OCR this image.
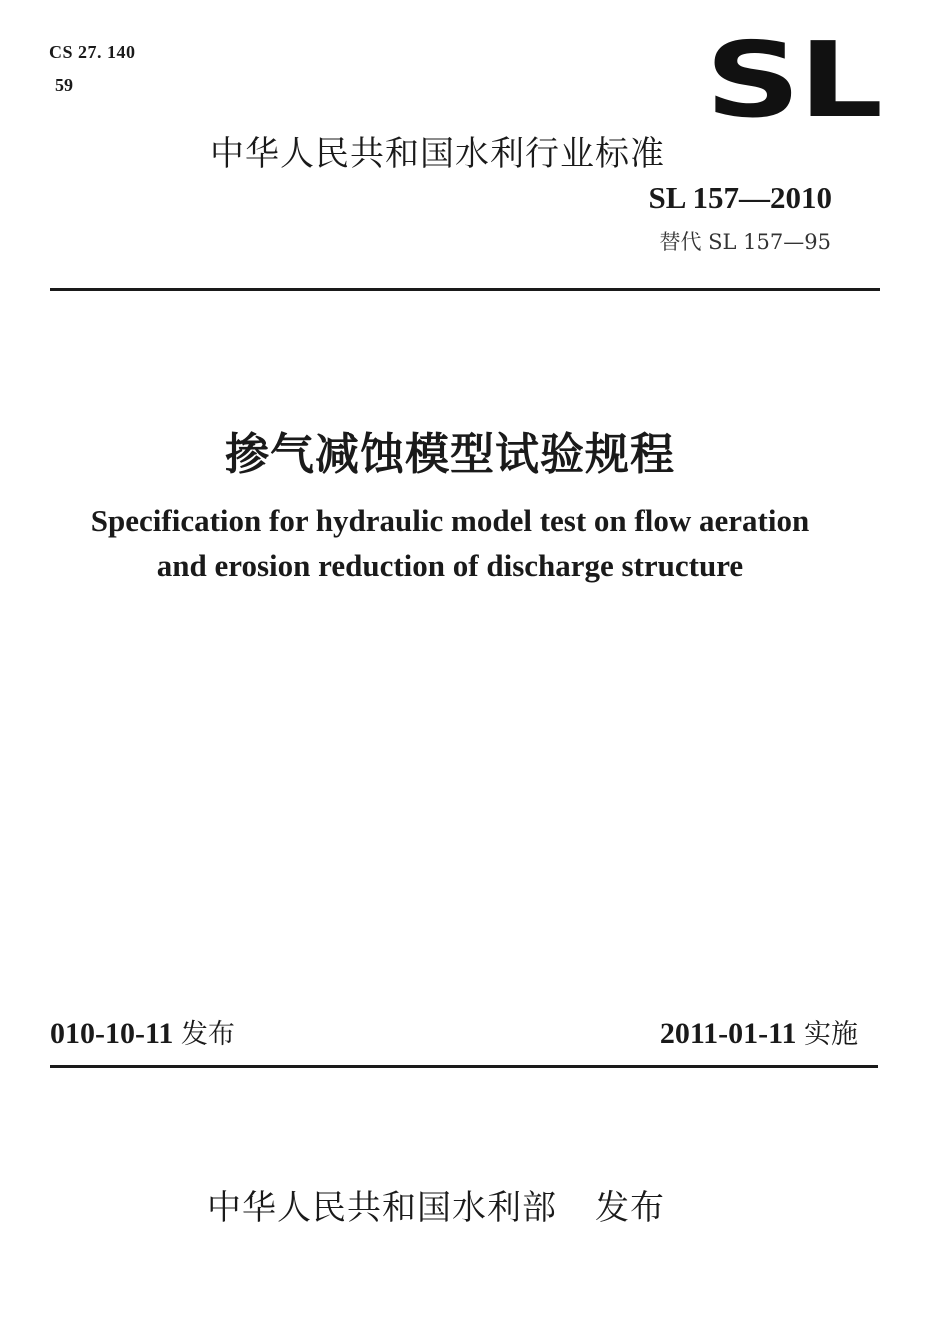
CS 27. 140
59	SL
中华人民共和国水利行业标准
SL 157—2010
替代 SL 157—95
掺气减蚀模型试验规程
Specification for hydraulic model test on flow aeration
and erosion reduction of discharge structure
010-10-11 发布	2011-01-11 实施
中华人民共和国水利部 发布
